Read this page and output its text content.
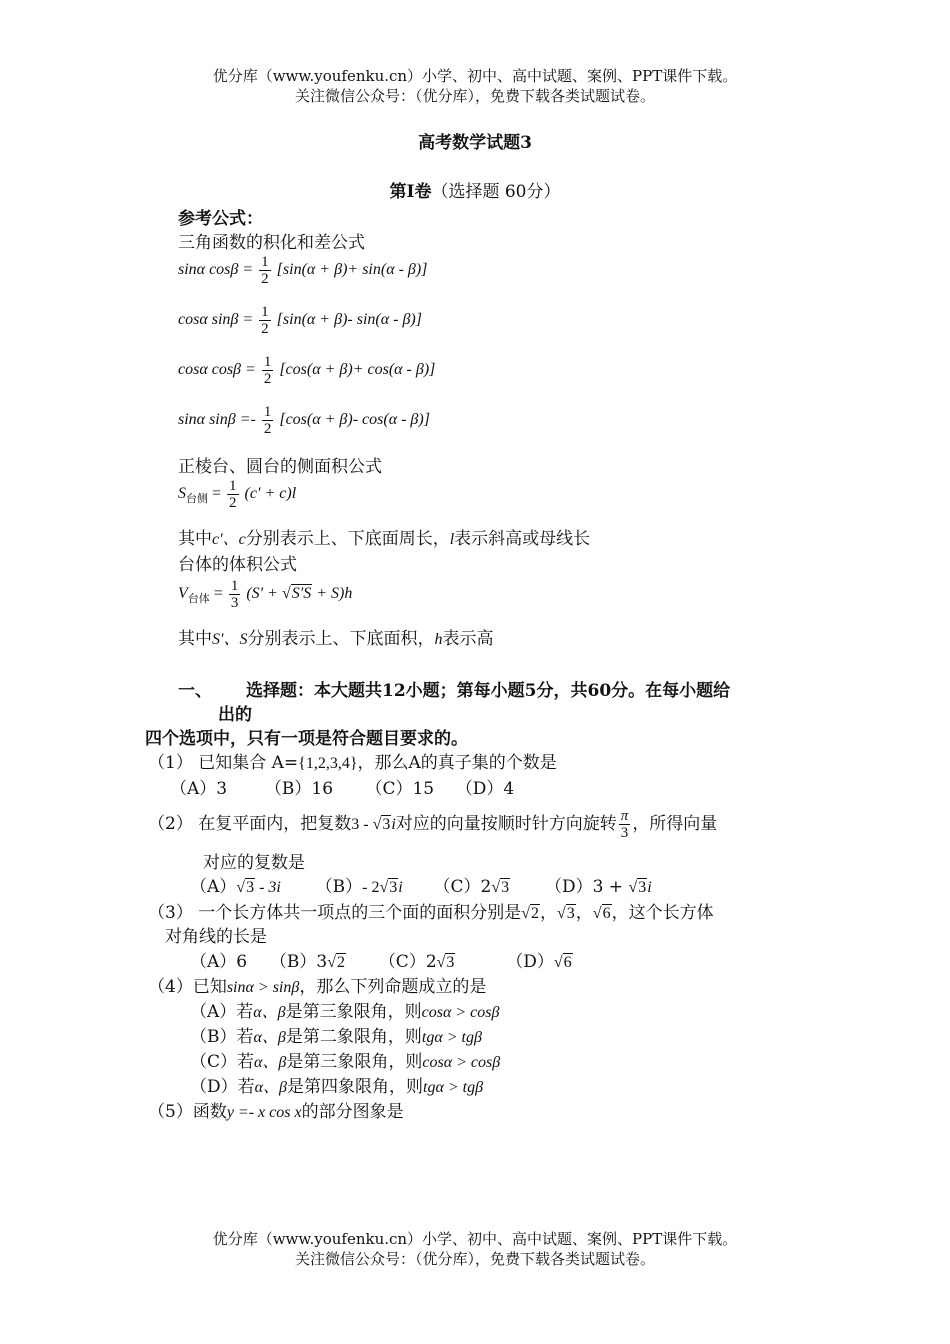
优分库（www.youfenku.cn）小学、初中、高中试题、案例、PPT课件下载。
关注微信公众号：（优分库），免费下载各类试题试卷。
高考数学试题3
第I卷（选择题 60分）
参考公式：
三角函数的积化和差公式
sinα $\cos\beta = \frac{1}{2} [\sin(\alpha + \beta)+ \sin(\alpha - \beta)]$
cosα $\sin\beta = \frac{1}{2} [\sin(\alpha + \beta)-$ sin(α - β)]
cosα $\cos\beta = \frac{1}{2} [\cos(\alpha + \beta)+ \cos(\alpha - \beta)]$
sinα $\sin\beta =- \frac{1}{2} [\cos(\alpha + \beta)-$ cos(α - β)]
正棱台、圆台的侧面积公式
$S_{台侧} = \frac{1}{2} (c' + c)l$
其中c′、c分别表示上、下底面周长，l表示斜高或母线长
台体的体积公式
$V_{台体} = \frac{1}{3} (S' + √S'S + S)h$
其中S′、S分别表示上、下底面积，h表示高
一、 选择题：本大题共12小题；第每小题5分，共60分。在每小题给
出的
四个选项中，只有一项是符合题目要求的。
（1） 已知集合 A={1,2,3,4}，那么A的真子集的个数是
（A）3       （B）16      （C）15    （D）4
（2） 在复平面内，把复数3 - √3i对应的向量按顺时针方向旋转 $\frac{\pi}{3}$ ，所得向量
对应的复数是
（A）√3 - 3i （B）- 2√3i （C）2√3 （D）3 + √3i
（3） 一个长方体共一项点的三个面的面积分别是√2，√3，√6，这个长方体
对角线的长是
（A）6 （B）3√2 （C）2√3	（D）√6
（4）已知sinα > sinβ，那么下列命题成立的是
（A）若α、β是第三象限角，则cosα > cosβ
（B）若α、β是第二象限角，则tgα > tgβ
（C）若α、β是第三象限角，则cosα > cosβ
（D）若α、β是第四象限角，则tgα > tgβ
（5）函数y =- x cos x的部分图象是
优分库（www.youfenku.cn）小学、初中、高中试题、案例、PPT课件下载。
关注微信公众号：（优分库），免费下载各类试题试卷。
